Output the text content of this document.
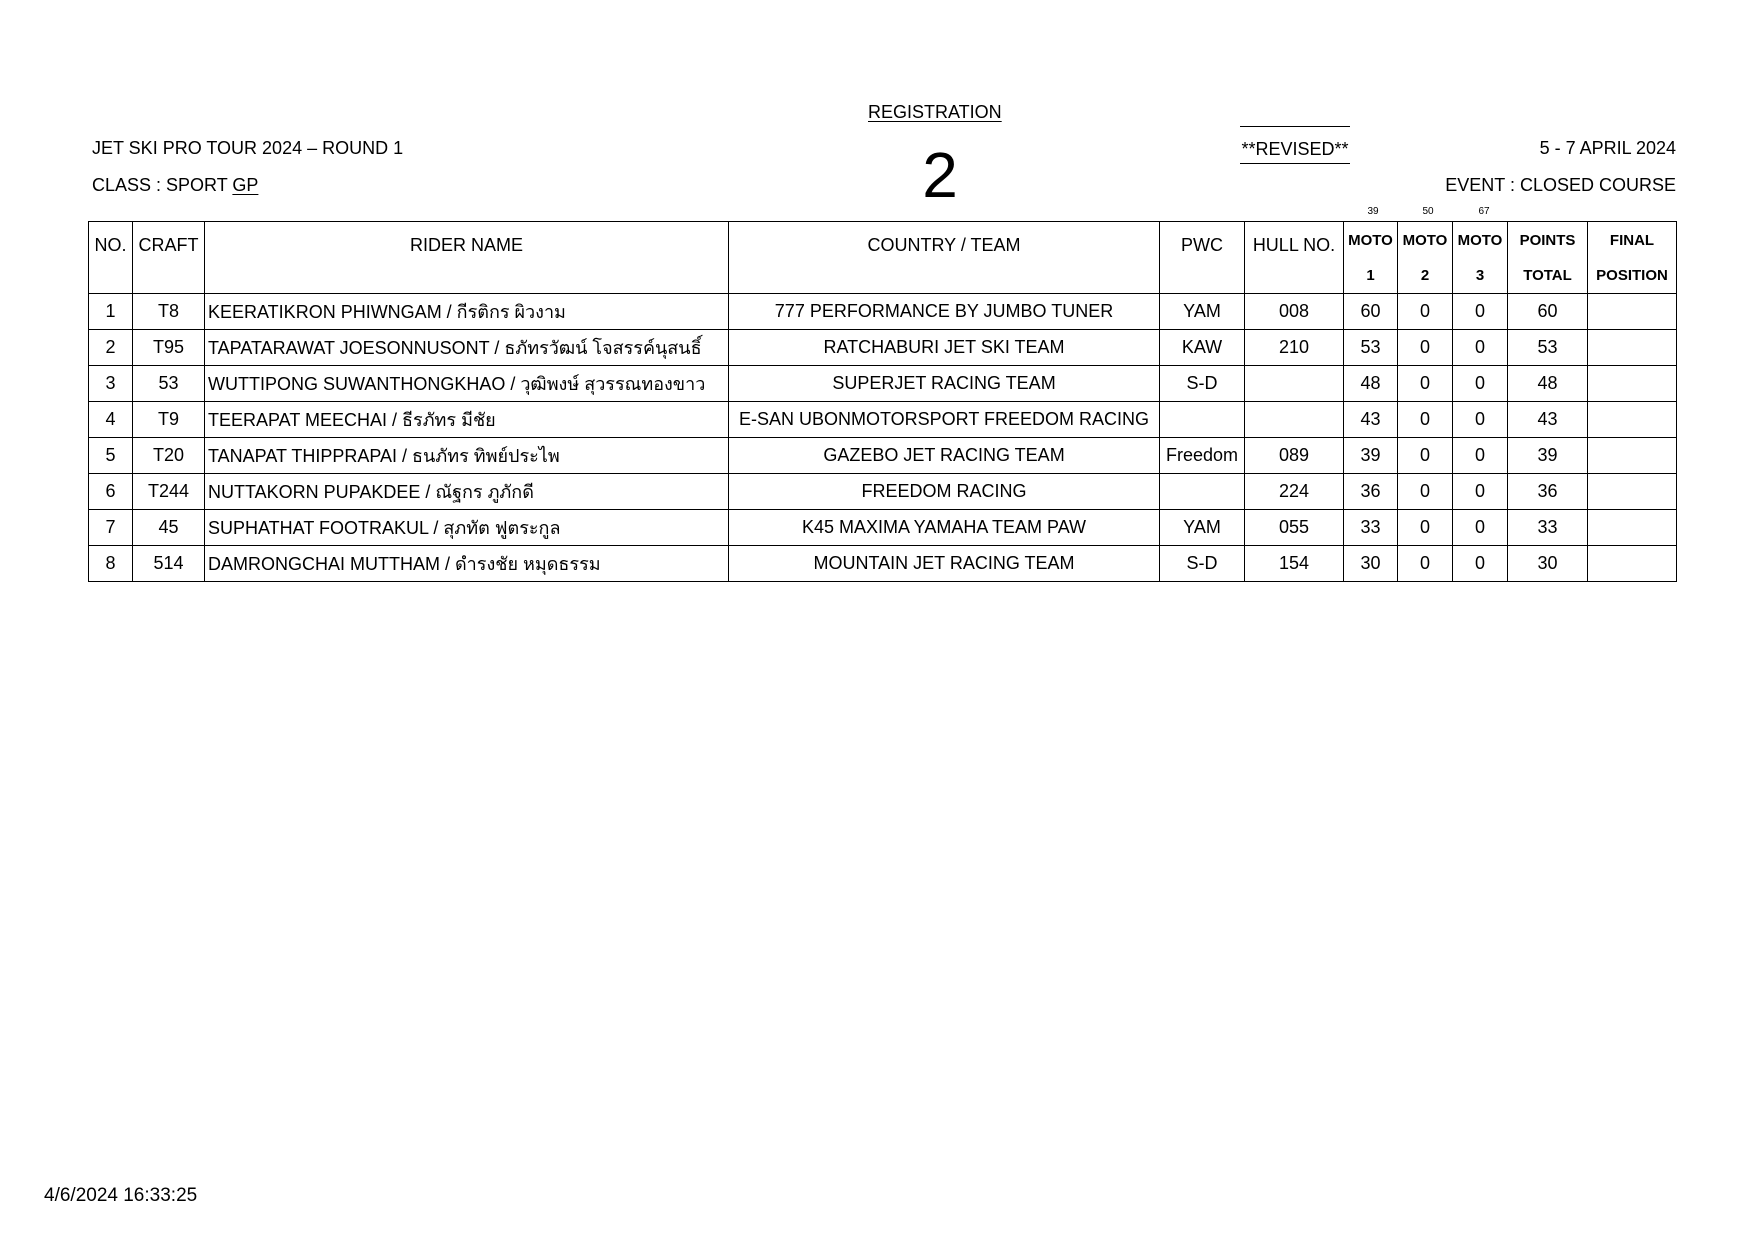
REGISTRATION
JET SKI PRO TOUR 2024 – ROUND 1
CLASS : SPORT GP	2	**REVISED**	5 - 7 APRIL 2024
EVENT : CLOSED COURSE
39	50	67
NO.	CRAFT	RIDER NAME	COUNTRY / TEAM	PWC	HULL NO.	MOTO	MOTO	MOTO	POINTS	FINAL
						1	2	3	TOTAL	POSITION
1	T8	KEERATIKRON PHIWNGAM / กีรติกร ผิวงาม	777 PERFORMANCE BY JUMBO TUNER	YAM	008	60	0	0	60	
2	T95	TAPATARAWAT JOESONNUSONT / ธภัทรวัฒน์ โจสรรค์นุสนธิ์	RATCHABURI JET SKI TEAM	KAW	210	53	0	0	53	
3	53	WUTTIPONG SUWANTHONGKHAO / วุฒิพงษ์ สุวรรณทองขาว	SUPERJET RACING TEAM	S-D		48	0	0	48	
4	T9	TEERAPAT MEECHAI / ธีรภัทร มีชัย	E-SAN UBONMOTORSPORT FREEDOM RACING			43	0	0	43	
5	T20	TANAPAT THIPPRAPAI / ธนภัทร ทิพย์ประไพ	GAZEBO JET RACING TEAM	Freedom	089	39	0	0	39	
6	T244	NUTTAKORN PUPAKDEE / ณัฐกร ภูภักดี	FREEDOM RACING		224	36	0	0	36	
7	45	SUPHATHAT FOOTRAKUL / สุภทัต ฟูตระกูล	K45 MAXIMA YAMAHA TEAM PAW	YAM	055	33	0	0	33	
8	514	DAMRONGCHAI MUTTHAM / ดำรงชัย หมุดธรรม	MOUNTAIN JET RACING TEAM	S-D	154	30	0	0	30	
4/6/2024 16:33:25
